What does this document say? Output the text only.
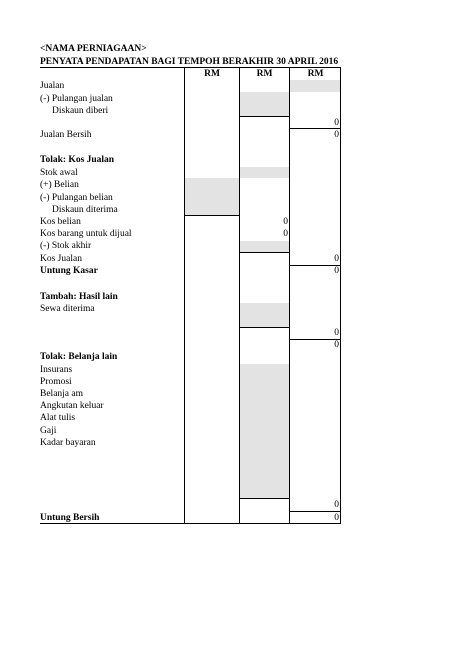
<NAMA PERNIAGAAN>
PENYATA PENDAPATAN BAGI TEMPOH BERAKHIR 30 APRIL 2016
RM	RM	RM
Jualan
(-) Pulangan jualan
Diskaun diberi
Jualan Bersih
Tolak: Kos Jualan
Stok awal
(+) Belian
(-) Pulangan belian
Diskaun diterima
Kos belian
Kos barang untuk dijual
(-) Stok akhir
Kos Jualan
Untung Kasar
Tambah: Hasil lain
Sewa diterima
Tolak: Belanja lain
Insurans
Promosi
Belanja am
Angkutan keluar
Alat tulis
Gaji
Kadar bayaran
Untung Bersih
0
0
0
0
0
0
0
0
0
0
